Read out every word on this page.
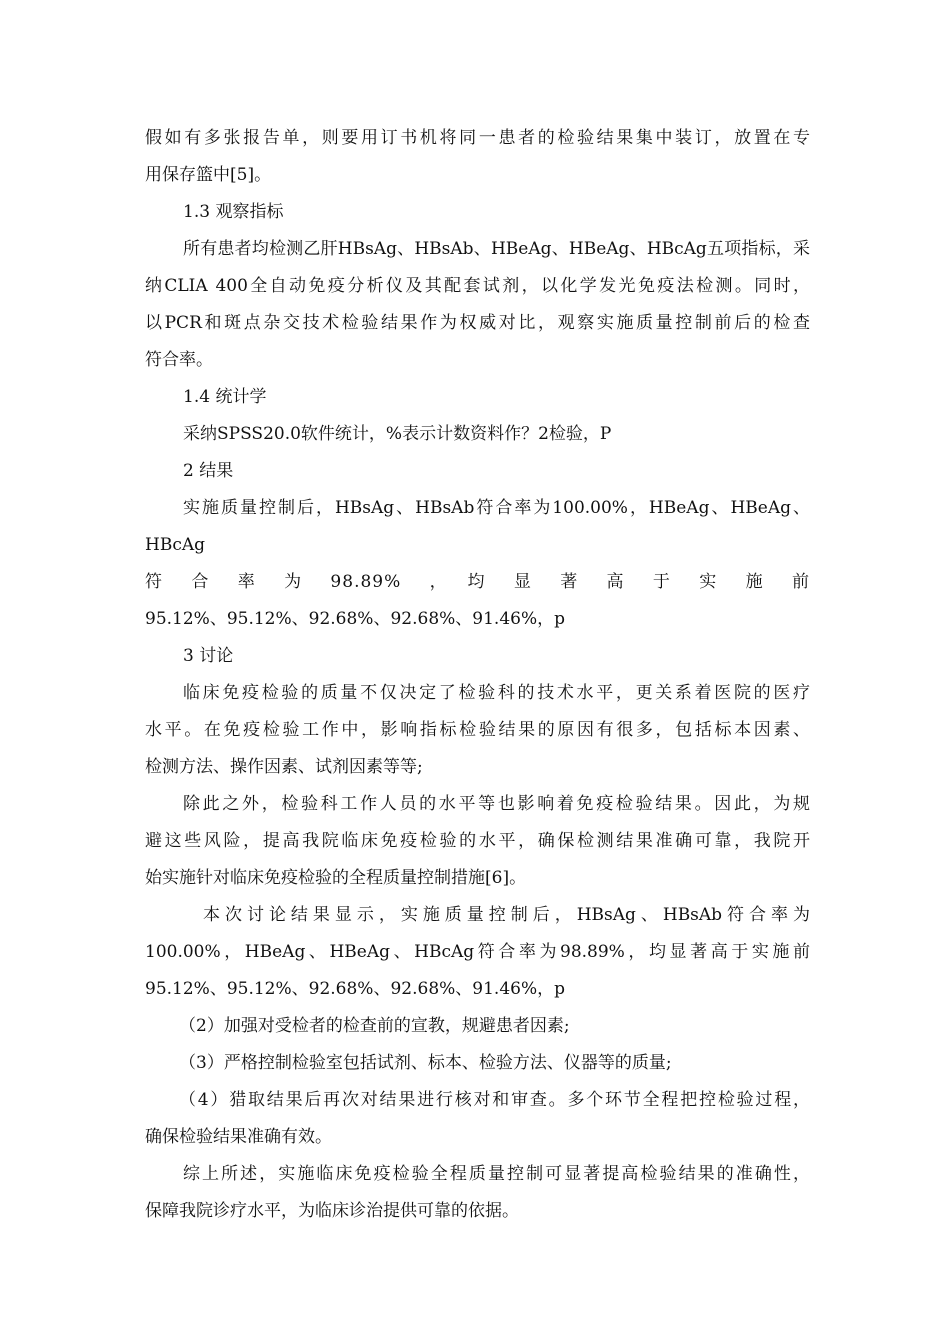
假如有多张报告单，则要用订书机将同一患者的检验结果集中装订，放置在专
用保存篮中[5]。
1.3 观察指标
所有患者均检测乙肝HBsAg、HBsAb、HBeAg、HBeAg、HBcAg五项指标，采
纳CLIA 400全自动免疫分析仪及其配套试剂，以化学发光免疫法检测。同时，
以PCR和斑点杂交技术检验结果作为权威对比，观察实施质量控制前后的检查
符合率。
1.4 统计学
采纳SPSS20.0软件统计，%表示计数资料作？2检验，P
2 结果
实施质量控制后，HBsAg、HBsAb符合率为100.00%，HBeAg、HBeAg、HBcAg
符　合　率　为　98.89%　，　均　显　著　高　于　实　施　前
95.12%、95.12%、92.68%、92.68%、91.46%，p
3 讨论
临床免疫检验的质量不仅决定了检验科的技术水平，更关系着医院的医疗
水平。在免疫检验工作中，影响指标检验结果的原因有很多，包括标本因素、
检测方法、操作因素、试剂因素等等;
除此之外，检验科工作人员的水平等也影响着免疫检验结果。因此，为规
避这些风险，提高我院临床免疫检验的水平，确保检测结果准确可靠，我院开
始实施针对临床免疫检验的全程质量控制措施[6]。
本次讨论结果显示，实施质量控制后，HBsAg、HBsAb符合率为
100.00%，HBeAg、HBeAg、HBcAg符合率为98.89%，均显著高于实施前
95.12%、95.12%、92.68%、92.68%、91.46%，p
（2）加强对受检者的检查前的宣教，规避患者因素;
（3）严格控制检验室包括试剂、标本、检验方法、仪器等的质量;
（4）猎取结果后再次对结果进行核对和审查。多个环节全程把控检验过程，
确保检验结果准确有效。
综上所述，实施临床免疫检验全程质量控制可显著提高检验结果的准确性，
保障我院诊疗水平，为临床诊治提供可靠的依据。
